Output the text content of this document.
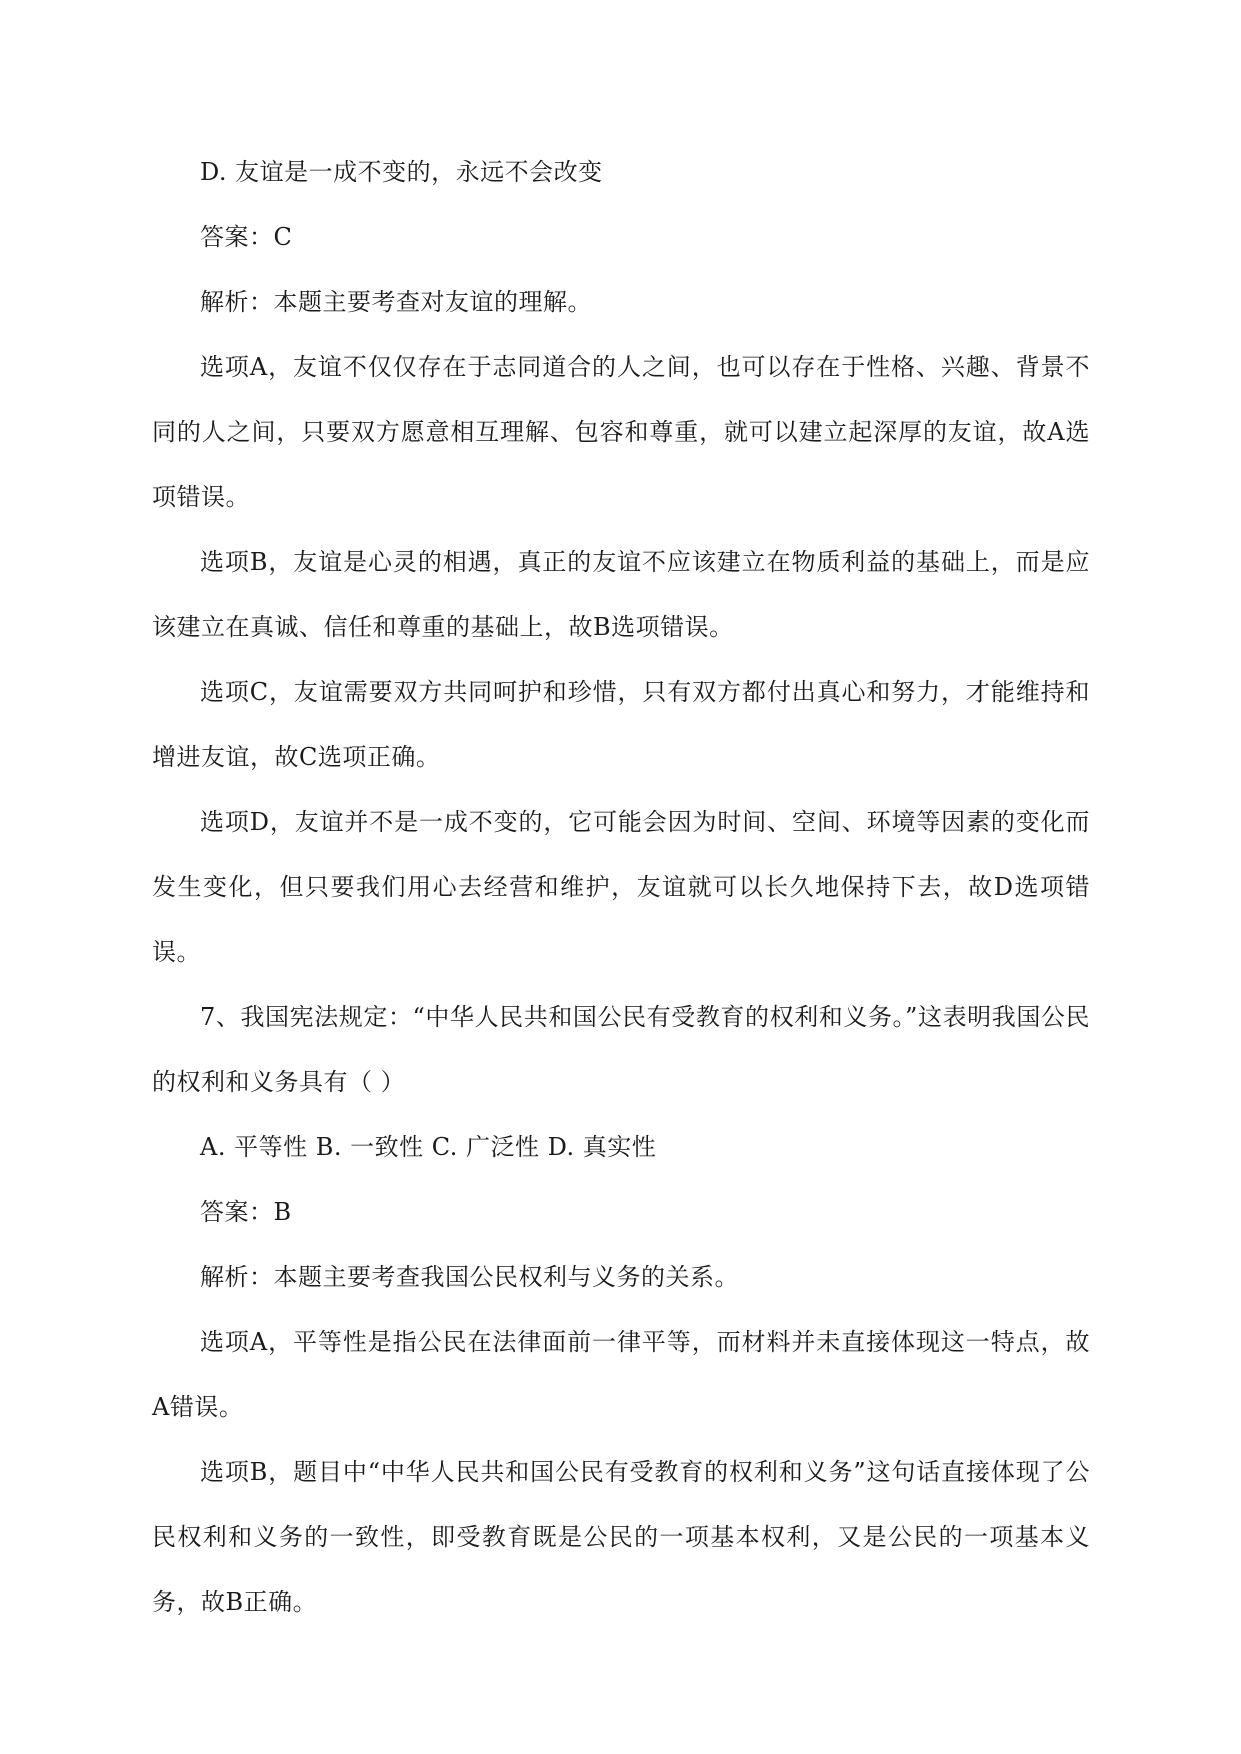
D. 友谊是一成不变的，永远不会改变

答案：C

解析：本题主要考查对友谊的理解。

选项A，友谊不仅仅存在于志同道合的人之间，也可以存在于性格、兴趣、背景不同的人之间，只要双方愿意相互理解、包容和尊重，就可以建立起深厚的友谊，故A选项错误。

选项B，友谊是心灵的相遇，真正的友谊不应该建立在物质利益的基础上，而是应该建立在真诚、信任和尊重的基础上，故B选项错误。

选项C，友谊需要双方共同呵护和珍惜，只有双方都付出真心和努力，才能维持和增进友谊，故C选项正确。

选项D，友谊并不是一成不变的，它可能会因为时间、空间、环境等因素的变化而发生变化，但只要我们用心去经营和维护，友谊就可以长久地保持下去，故D选项错误。

7、我国宪法规定：“中华人民共和国公民有受教育的权利和义务。”这表明我国公民的权利和义务具有（ ）

A. 平等性 B. 一致性 C. 广泛性 D. 真实性

答案：B

解析：本题主要考查我国公民权利与义务的关系。

选项A，平等性是指公民在法律面前一律平等，而材料并未直接体现这一特点，故A错误。

选项B，题目中“中华人民共和国公民有受教育的权利和义务”这句话直接体现了公民权利和义务的一致性，即受教育既是公民的一项基本权利，又是公民的一项基本义务，故B正确。
